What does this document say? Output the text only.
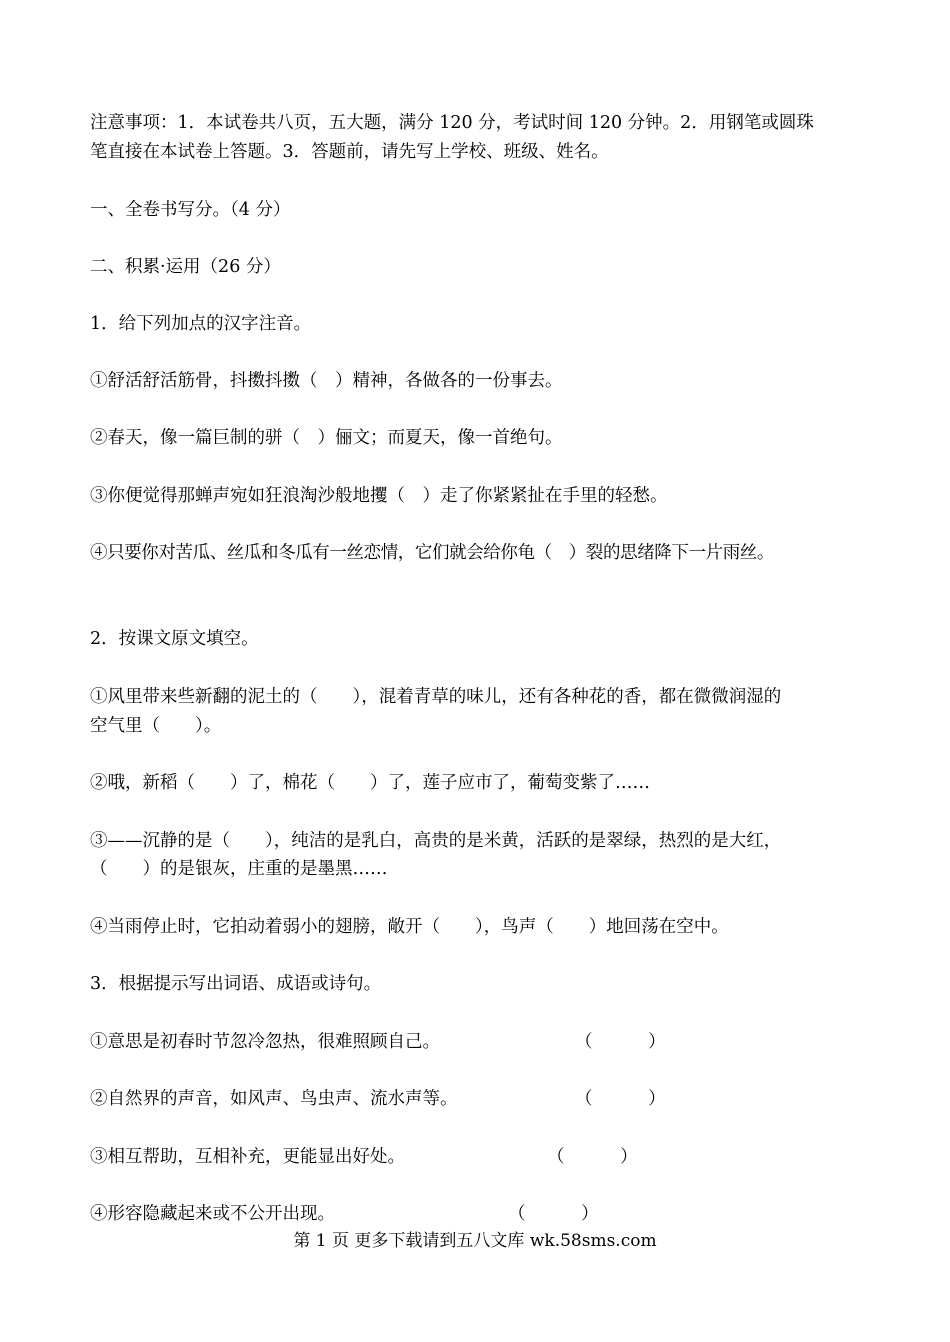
注意事项：1．本试卷共八页，五大题，满分 120 分，考试时间 120 分钟。2．用钢笔或圆珠
笔直接在本试卷上答题。3．答题前，请先写上学校、班级、姓名。
一、全卷书写分。（4 分）
二、积累·运用（26 分）
1．给下列加点的汉字注音。
①舒活舒活筋骨，抖擞抖擞（　）精神，各做各的一份事去。
②春天，像一篇巨制的骈（　）俪文；而夏天，像一首绝句。
③你便觉得那蝉声宛如狂浪淘沙般地攫（　）走了你紧紧扯在手里的轻愁。
④只要你对苦瓜、丝瓜和冬瓜有一丝恋情，它们就会给你龟（　）裂的思绪降下一片雨丝。
2．按课文原文填空。
①风里带来些新翻的泥土的（　　），混着青草的味儿，还有各种花的香，都在微微润湿的
空气里（　　）。
②哦，新稻（　　）了，棉花（　　）了，莲子应市了，葡萄变紫了……
③——沉静的是（　　），纯洁的是乳白，高贵的是米黄，活跃的是翠绿，热烈的是大红，
（　　）的是银灰，庄重的是墨黑……
④当雨停止时，它拍动着弱小的翅膀，敞开（　　），鸟声（　　）地回荡在空中。
3．根据提示写出词语、成语或诗句。
①意思是初春时节忽冷忽热，很难照顾自己。	（          ）
②自然界的声音，如风声、鸟虫声、流水声等。	（          ）
③相互帮助，互相补充，更能显出好处。	（          ）
④形容隐藏起来或不公开出现。	（          ）
第 1 页 更多下载请到五八文库 wk.58sms.com
